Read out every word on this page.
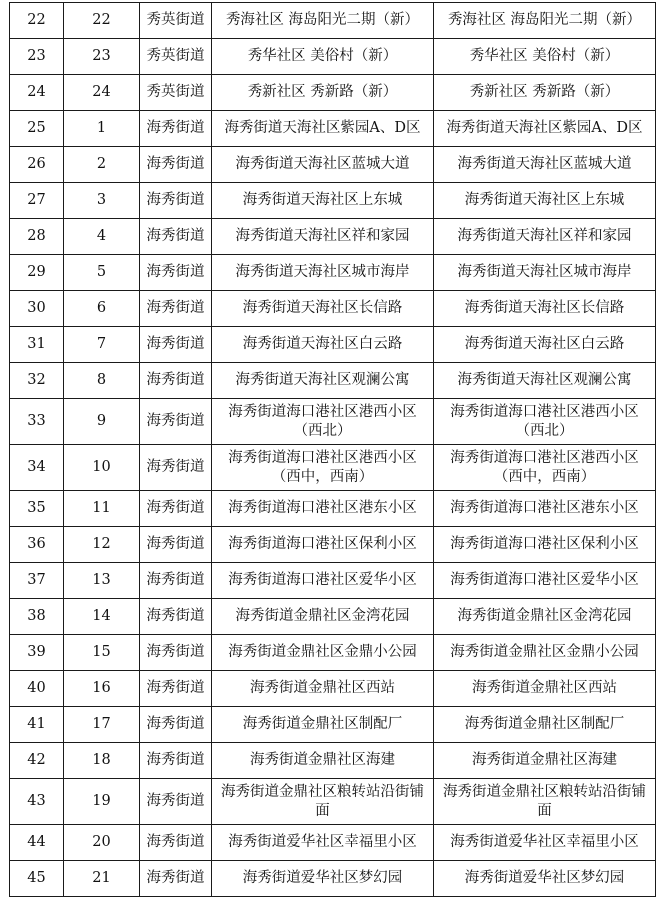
22	22	秀英街道	秀海社区 海岛阳光二期（新）	秀海社区 海岛阳光二期（新）
23	23	秀英街道	秀华社区 美俗村（新）	秀华社区 美俗村（新）
24	24	秀英街道	秀新社区 秀新路（新）	秀新社区 秀新路（新）
25	1	海秀街道	海秀街道天海社区紫园A、D区	海秀街道天海社区紫园A、D区
26	2	海秀街道	海秀街道天海社区蓝城大道	海秀街道天海社区蓝城大道
27	3	海秀街道	海秀街道天海社区上东城	海秀街道天海社区上东城
28	4	海秀街道	海秀街道天海社区祥和家园	海秀街道天海社区祥和家园
29	5	海秀街道	海秀街道天海社区城市海岸	海秀街道天海社区城市海岸
30	6	海秀街道	海秀街道天海社区长信路	海秀街道天海社区长信路
31	7	海秀街道	海秀街道天海社区白云路	海秀街道天海社区白云路
32	8	海秀街道	海秀街道天海社区观澜公寓	海秀街道天海社区观澜公寓
33	9	海秀街道	海秀街道海口港社区港西小区（西北）	海秀街道海口港社区港西小区（西北）
34	10	海秀街道	海秀街道海口港社区港西小区（西中，西南）	海秀街道海口港社区港西小区（西中，西南）
35	11	海秀街道	海秀街道海口港社区港东小区	海秀街道海口港社区港东小区
36	12	海秀街道	海秀街道海口港社区保利小区	海秀街道海口港社区保利小区
37	13	海秀街道	海秀街道海口港社区爱华小区	海秀街道海口港社区爱华小区
38	14	海秀街道	海秀街道金鼎社区金湾花园	海秀街道金鼎社区金湾花园
39	15	海秀街道	海秀街道金鼎社区金鼎小公园	海秀街道金鼎社区金鼎小公园
40	16	海秀街道	海秀街道金鼎社区西站	海秀街道金鼎社区西站
41	17	海秀街道	海秀街道金鼎社区制配厂	海秀街道金鼎社区制配厂
42	18	海秀街道	海秀街道金鼎社区海建	海秀街道金鼎社区海建
43	19	海秀街道	海秀街道金鼎社区粮转站沿街铺面	海秀街道金鼎社区粮转站沿街铺面
44	20	海秀街道	海秀街道爱华社区幸福里小区	海秀街道爱华社区幸福里小区
45	21	海秀街道	海秀街道爱华社区梦幻园	海秀街道爱华社区梦幻园
